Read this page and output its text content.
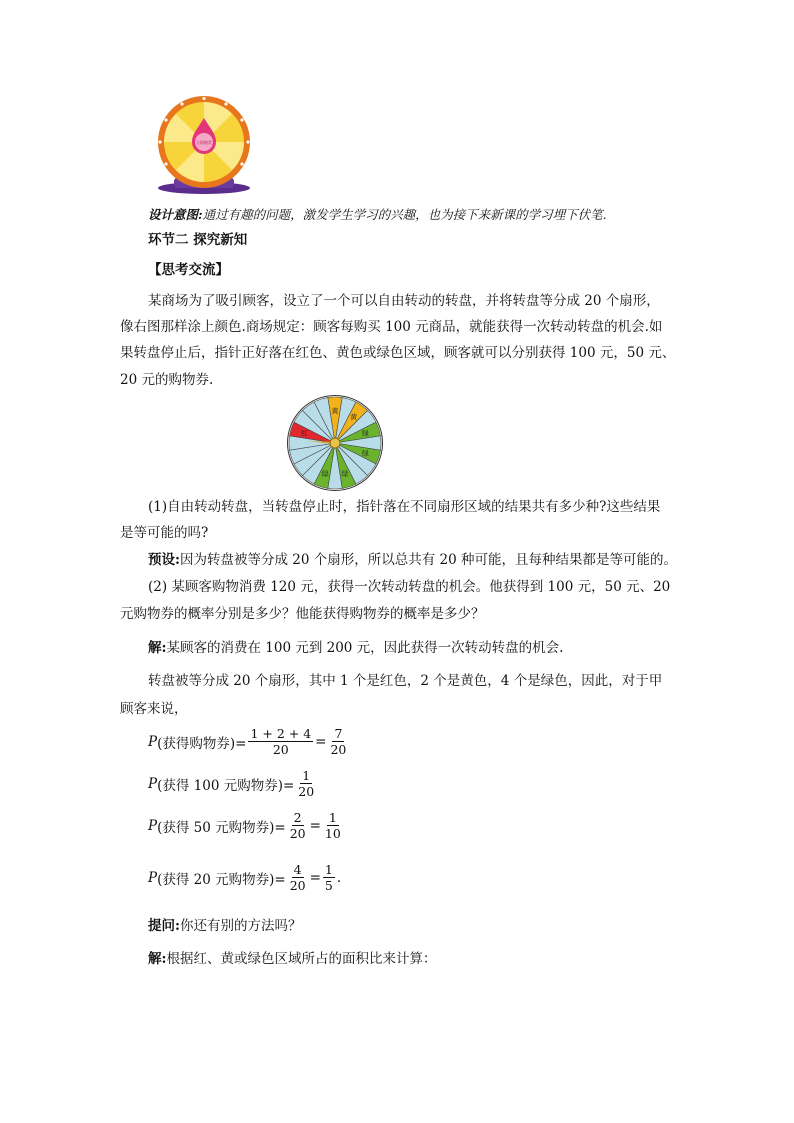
立即抽奖
设计意图:通过有趣的问题，激发学生学习的兴趣，也为接下来新课的学习埋下伏笔.
环节二 探究新知
【思考交流】
某商场为了吸引顾客，设立了一个可以自由转动的转盘，并将转盘等分成 20 个扇形，
像右图那样涂上颜色.商场规定：顾客每购买 100 元商品，就能获得一次转动转盘的机会.如
果转盘停止后，指针正好落在红色、黄色或绿色区域，顾客就可以分别获得 100 元，50 元、
20 元的购物券.
黄
黄
绿
绿
绿
绿
红
(1)自由转动转盘，当转盘停止时，指针落在不同扇形区域的结果共有多少种?这些结果
是等可能的吗?
预设:因为转盘被等分成 20 个扇形，所以总共有 20 种可能，且每种结果都是等可能的。
(2) 某顾客购物消费 120 元，获得一次转动转盘的机会。他获得到 100 元，50 元、20
元购物券的概率分别是多少？他能获得购物券的概率是多少？
解:某顾客的消费在 100 元到 200 元，因此获得一次转动转盘的机会.
转盘被等分成 20 个扇形，其中 1 个是红色，2 个是黄色，4 个是绿色，因此，对于甲
顾客来说，
P (获得购物券)= $\frac{1 + 2 + 4}{20} = \frac{7}{20}$
P (获得 100 元购物券)= $\frac{1}{20}$
P (获得 50 元购物券)= $\frac{2}{20} = \frac{1}{10}$
P (获得 20 元购物券)= $\frac{4}{20} = \frac{1}{5}$ .
提问:你还有别的方法吗？
解:根据红、黄或绿色区域所占的面积比来计算：
